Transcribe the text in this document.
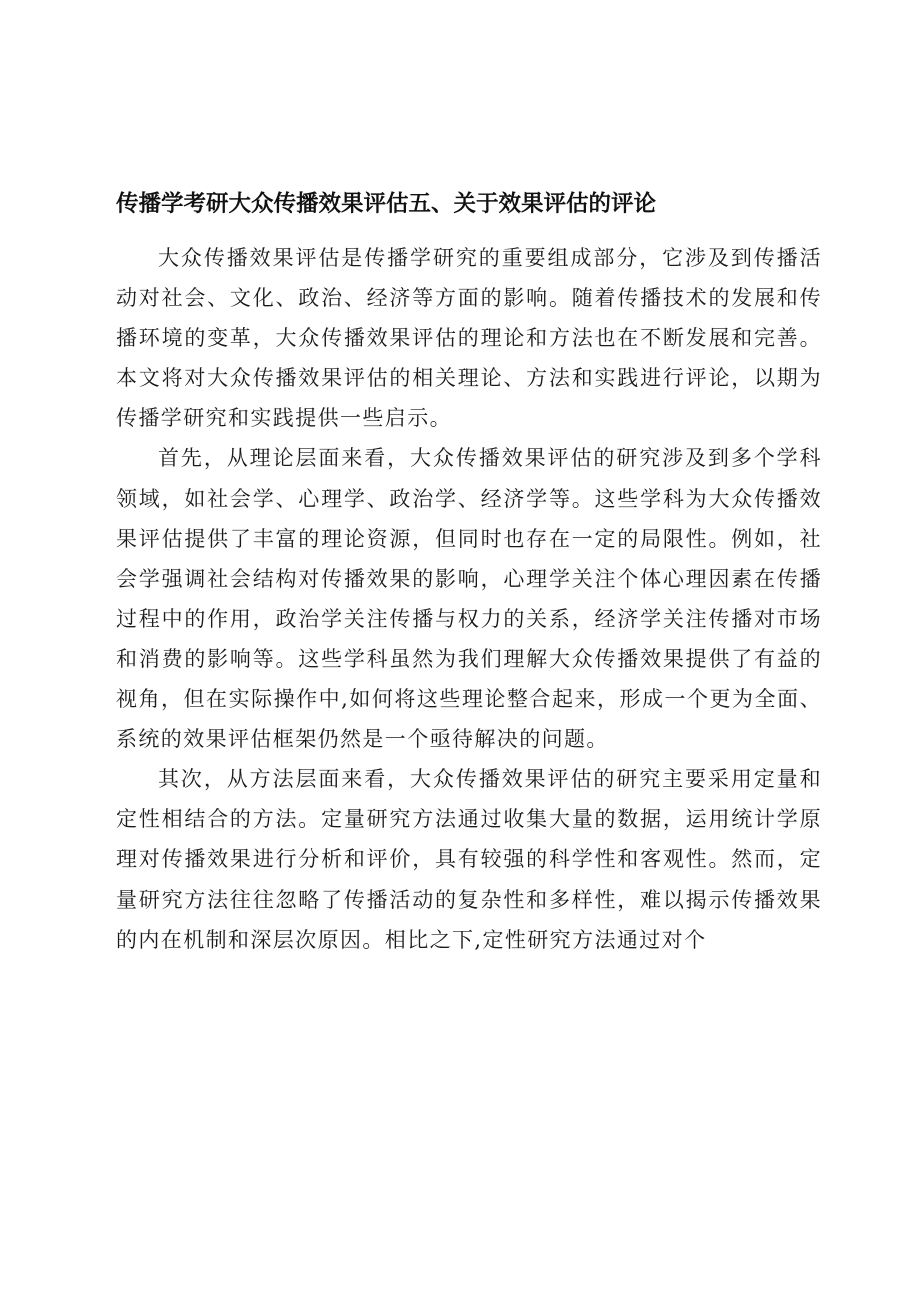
传播学考研大众传播效果评估五、关于效果评估的评论

大众传播效果评估是传播学研究的重要组成部分，它涉及到传播活动对社会、文化、政治、经济等方面的影响。随着传播技术的发展和传播环境的变革，大众传播效果评估的理论和方法也在不断发展和完善。本文将对大众传播效果评估的相关理论、方法和实践进行评论，以期为传播学研究和实践提供一些启示。

首先，从理论层面来看，大众传播效果评估的研究涉及到多个学科领域，如社会学、心理学、政治学、经济学等。这些学科为大众传播效果评估提供了丰富的理论资源，但同时也存在一定的局限性。例如，社会学强调社会结构对传播效果的影响，心理学关注个体心理因素在传播过程中的作用，政治学关注传播与权力的关系，经济学关注传播对市场和消费的影响等。这些学科虽然为我们理解大众传播效果提供了有益的视角，但在实际操作中,如何将这些理论整合起来，形成一个更为全面、系统的效果评估框架仍然是一个亟待解决的问题。

其次，从方法层面来看，大众传播效果评估的研究主要采用定量和定性相结合的方法。定量研究方法通过收集大量的数据，运用统计学原理对传播效果进行分析和评价，具有较强的科学性和客观性。然而，定量研究方法往往忽略了传播活动的复杂性和多样性，难以揭示传播效果的内在机制和深层次原因。相比之下,定性研究方法通过对个
